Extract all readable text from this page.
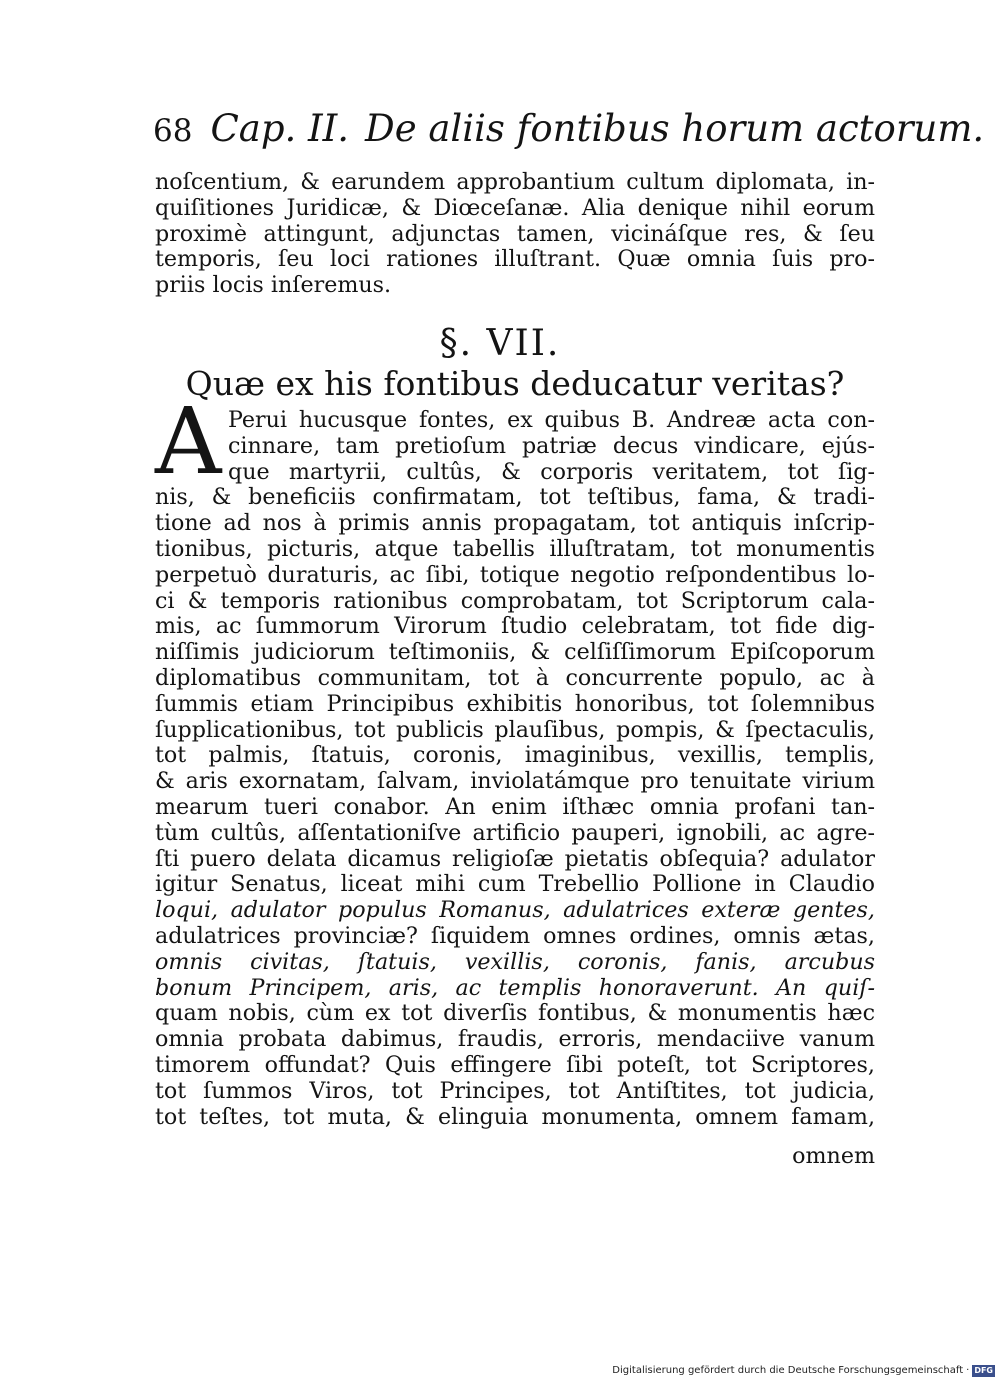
68 Cap. II. De aliis fontibus horum actorum.
noſcentium, & earundem approbantium cultum diplomata, in-
quiſitiones Juridicæ, & Diœceſanæ. Alia denique nihil eorum
proximè attingunt, adjunctas tamen, vicináſque res, & ſeu
temporis, ſeu loci rationes illuſtrant. Quæ omnia ſuis pro-
priis locis inſeremus.
§. VII.
Quæ ex his fontibus deducatur veritas?
A Perui hucusque fontes, ex quibus B. Andreæ acta con-
cinnare, tam pretioſum patriæ decus vindicare, ejús-
que martyrii, cultûs, & corporis veritatem, tot ſig-
nis, & beneficiis confirmatam, tot teſtibus, fama, & tradi-
tione ad nos à primis annis propagatam, tot antiquis inſcrip-
tionibus, picturis, atque tabellis illuſtratam, tot monumentis
perpetuò duraturis, ac ſibi, totique negotio reſpondentibus lo-
ci & temporis rationibus comprobatam, tot Scriptorum cala-
mis, ac ſummorum Virorum ſtudio celebratam, tot fide dig-
niſſimis judiciorum teſtimoniis, & celſiſſimorum Epiſcoporum
diplomatibus communitam, tot à concurrente populo, ac à
ſummis etiam Principibus exhibitis honoribus, tot ſolemnibus
ſupplicationibus, tot publicis plauſibus, pompis, & ſpectaculis,
tot palmis, ſtatuis, coronis, imaginibus, vexillis, templis,
& aris exornatam, ſalvam, inviolatámque pro tenuitate virium
mearum tueri conabor. An enim iſthæc omnia profani tan-
tùm cultûs, aſſentationiſve artificio pauperi, ignobili, ac agre-
ſti puero delata dicamus religioſæ pietatis obſequia? adulator
igitur Senatus, liceat mihi cum Trebellio Pollione in Claudio
loqui, adulator populus Romanus, adulatrices exteræ gentes,
adulatrices provinciæ? ſiquidem omnes ordines, omnis ætas,
omnis civitas, ſtatuis, vexillis, coronis, fanis, arcubus
bonum Principem, aris, ac templis honoraverunt. An quiſ-
quam nobis, cùm ex tot diverſis fontibus, & monumentis hæc
omnia probata dabimus, fraudis, erroris, mendaciive vanum
timorem offundat? Quis effingere ſibi poteſt, tot Scriptores,
tot ſummos Viros, tot Principes, tot Antiſtites, tot judicia,
tot teſtes, tot muta, & elinguia monumenta, omnem famam,
omnem
Digitalisierung gefördert durch die Deutsche Forschungsgemeinschaft · DFG
